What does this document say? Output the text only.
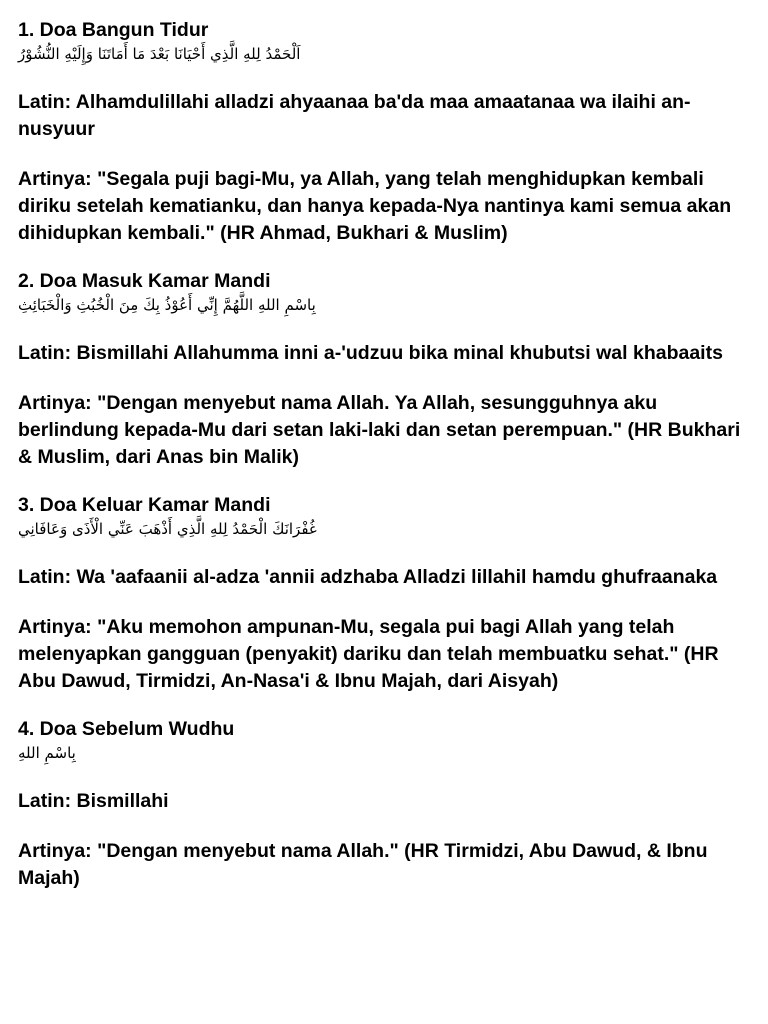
1. Doa Bangun Tidur
اَلْحَمْدُ لِلهِ الَّذِي أَحْيَانَا بَعْدَ مَا أَمَاتَنَا وَإِلَيْهِ النُّشُوْرُ
Latin: Alhamdulillahi alladzi ahyaanaa ba'da maa amaatanaa wa ilaihi an-nusyuur
Artinya: "Segala puji bagi-Mu, ya Allah, yang telah menghidupkan kembali diriku setelah kematianku, dan hanya kepada-Nya nantinya kami semua akan dihidupkan kembali." (HR Ahmad, Bukhari & Muslim)
2. Doa Masuk Kamar Mandi
بِاسْمِ اللهِ اللَّهُمَّ إِنِّي أَعُوْذُ بِكَ مِنَ الْخُبُثِ وَالْخَبَائِثِ
Latin: Bismillahi Allahumma inni a-'udzuu bika minal khubutsi wal khabaaits
Artinya: "Dengan menyebut nama Allah. Ya Allah, sesungguhnya aku berlindung kepada-Mu dari setan laki-laki dan setan perempuan." (HR Bukhari & Muslim, dari Anas bin Malik)
3. Doa Keluar Kamar Mandi
غُفْرَانَكَ الْحَمْدُ لِلهِ الَّذِي أَذْهَبَ عَنِّي الْأَذَى وَعَافَانِي
Latin: Wa 'aafaanii al-adza 'annii adzhaba Alladzi lillahil hamdu ghufraanaka
Artinya: "Aku memohon ampunan-Mu, segala pui bagi Allah yang telah melenyapkan gangguan (penyakit) dariku dan telah membuatku sehat." (HR Abu Dawud, Tirmidzi, An-Nasa'i & Ibnu Majah, dari Aisyah)
4. Doa Sebelum Wudhu
بِاسْمِ اللهِ
Latin: Bismillahi
Artinya: "Dengan menyebut nama Allah." (HR Tirmidzi, Abu Dawud, & Ibnu Majah)
